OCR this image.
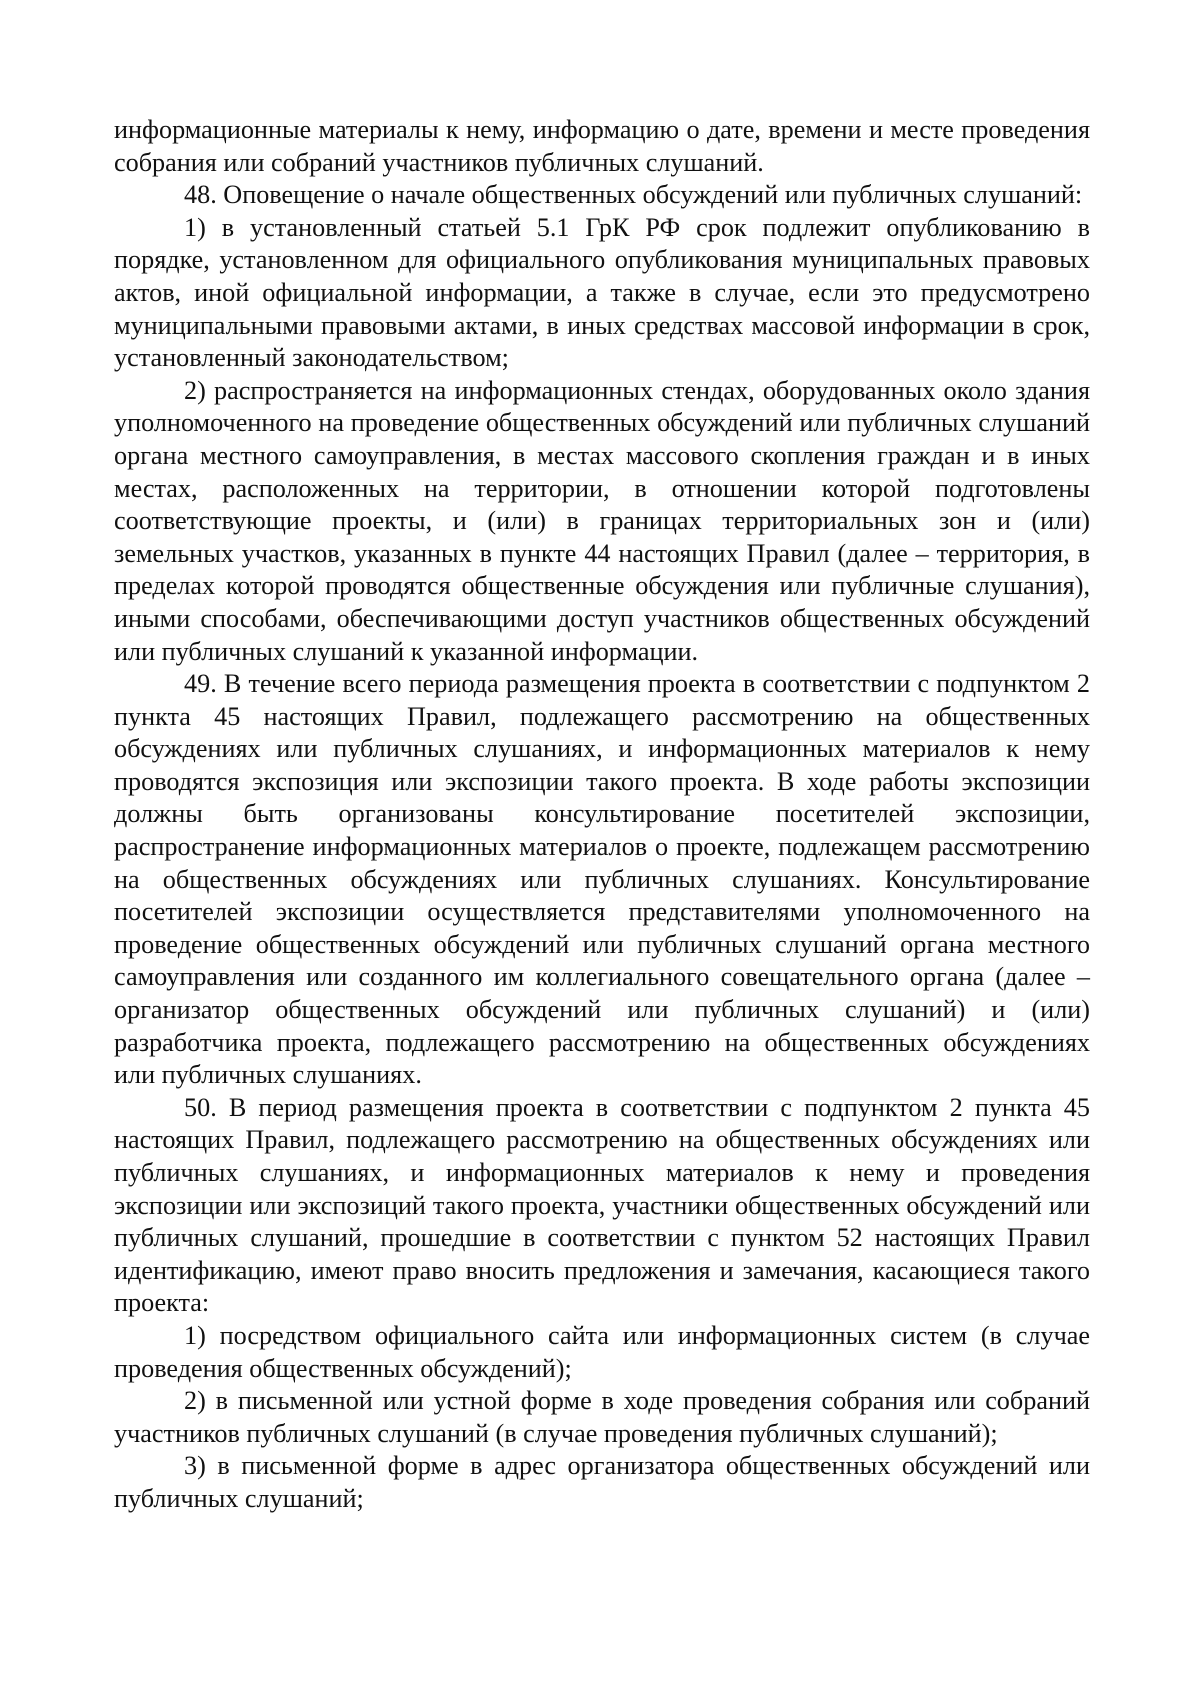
информационные материалы к нему, информацию о дате, времени и месте проведения собрания или собраний участников публичных слушаний.

48. Оповещение о начале общественных обсуждений или публичных слушаний:

1) в установленный статьей 5.1 ГрК РФ срок подлежит опубликованию в порядке, установленном для официального опубликования муниципальных правовых актов, иной официальной информации, а также в случае, если это предусмотрено муниципальными правовыми актами, в иных средствах массовой информации в срок, установленный законодательством;

2) распространяется на информационных стендах, оборудованных около здания уполномоченного на проведение общественных обсуждений или публичных слушаний органа местного самоуправления, в местах массового скопления граждан и в иных местах, расположенных на территории, в отношении которой подготовлены соответствующие проекты, и (или) в границах территориальных зон и (или) земельных участков, указанных в пункте 44 настоящих Правил (далее – территория, в пределах которой проводятся общественные обсуждения или публичные слушания), иными способами, обеспечивающими доступ участников общественных обсуждений или публичных слушаний к указанной информации.

49. В течение всего периода размещения проекта в соответствии с подпунктом 2 пункта 45 настоящих Правил, подлежащего рассмотрению на общественных обсуждениях или публичных слушаниях, и информационных материалов к нему проводятся экспозиция или экспозиции такого проекта. В ходе работы экспозиции должны быть организованы консультирование посетителей экспозиции, распространение информационных материалов о проекте, подлежащем рассмотрению на общественных обсуждениях или публичных слушаниях. Консультирование посетителей экспозиции осуществляется представителями уполномоченного на проведение общественных обсуждений или публичных слушаний органа местного самоуправления или созданного им коллегиального совещательного органа (далее – организатор общественных обсуждений или публичных слушаний) и (или) разработчика проекта, подлежащего рассмотрению на общественных обсуждениях или публичных слушаниях.

50. В период размещения проекта в соответствии с подпунктом 2 пункта 45 настоящих Правил, подлежащего рассмотрению на общественных обсуждениях или публичных слушаниях, и информационных материалов к нему и проведения экспозиции или экспозиций такого проекта, участники общественных обсуждений или публичных слушаний, прошедшие в соответствии с пунктом 52 настоящих Правил идентификацию, имеют право вносить предложения и замечания, касающиеся такого проекта:

1) посредством официального сайта или информационных систем (в случае проведения общественных обсуждений);

2) в письменной или устной форме в ходе проведения собрания или собраний участников публичных слушаний (в случае проведения публичных слушаний);

3) в письменной форме в адрес организатора общественных обсуждений или публичных слушаний;
